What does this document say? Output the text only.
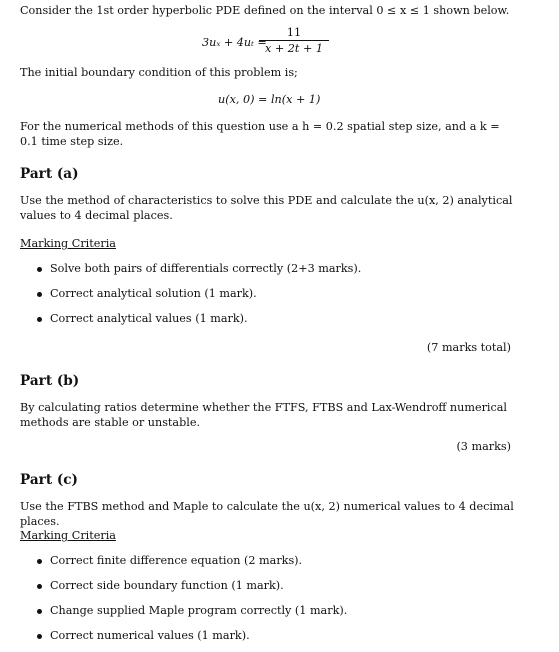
Consider the 1st order hyperbolic PDE defined on the interval 0 ≤ x ≤ 1 shown below.
3uₓ + 4uₜ =
$\frac{11}{x + 2t + 1}$
The initial boundary condition of this problem is;
u(x, 0) = ln(x + 1)
For the numerical methods of this question use a h = 0.2 spatial step size, and a k = 0.1 time step size.
Part (a)
Use the method of characteristics to solve this PDE and calculate the u(x, 2) analytical values to 4 decimal places.
Marking Criteria
Solve both pairs of differentials correctly (2+3 marks).
Correct analytical solution (1 mark).
Correct analytical values (1 mark).
(7 marks total)
Part (b)
By calculating ratios determine whether the FTFS, FTBS and Lax-Wendroff numerical methods are stable or unstable.
(3 marks)
Part (c)
Use the FTBS method and Maple to calculate the u(x, 2) numerical values to 4 decimal places.
Marking Criteria
Correct finite difference equation (2 marks).
Correct side boundary function (1 mark).
Change supplied Maple program correctly (1 mark).
Correct numerical values (1 mark).
